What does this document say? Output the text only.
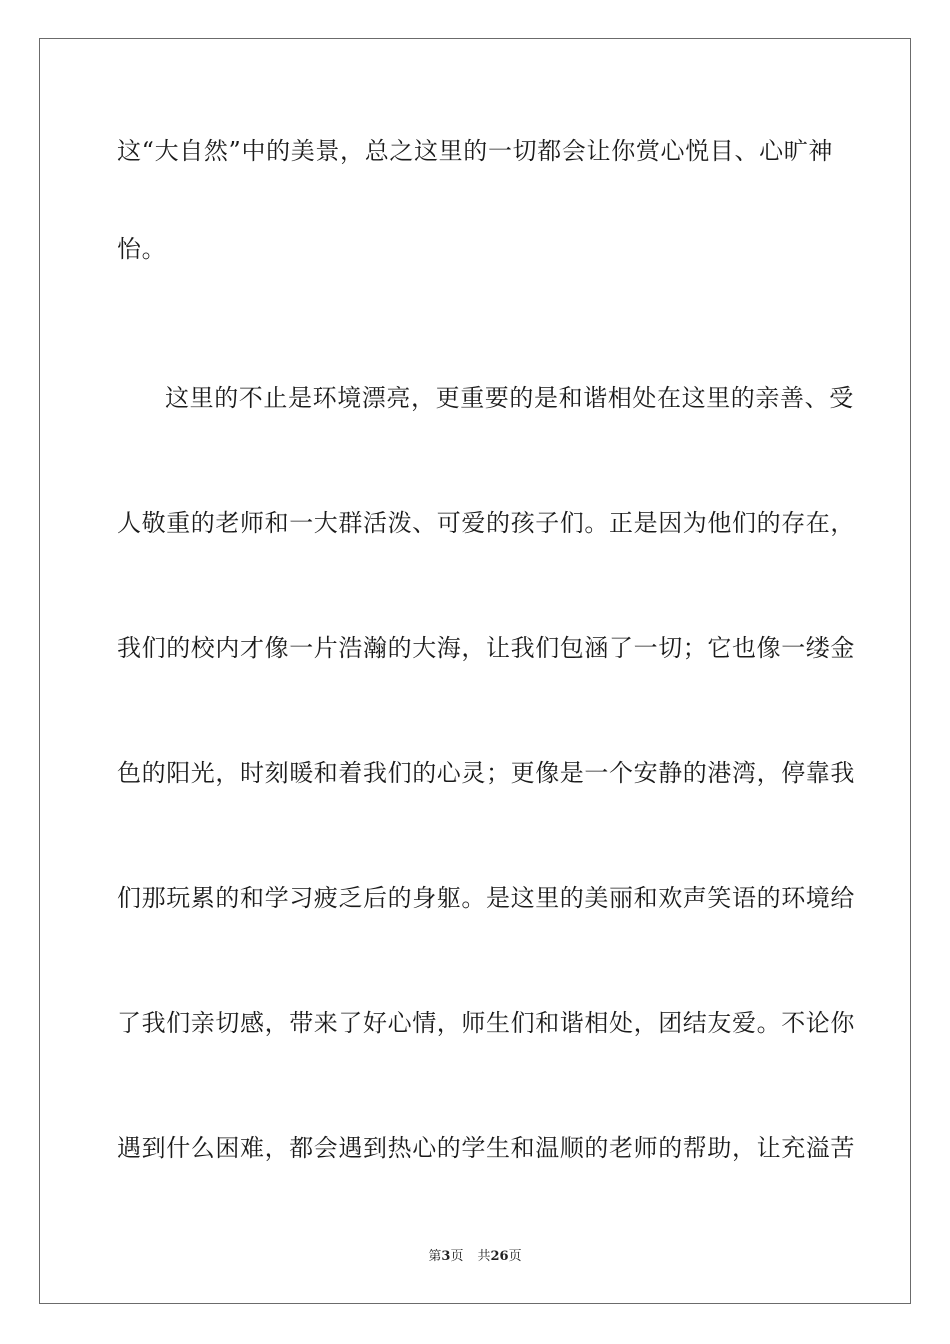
这“大自然”中的美景，总之这里的一切都会让你赏心悦目、心旷神
怡。
这里的不止是环境漂亮，更重要的是和谐相处在这里的亲善、受
人敬重的老师和一大群活泼、可爱的孩子们。正是因为他们的存在，
我们的校内才像一片浩瀚的大海，让我们包涵了一切；它也像一缕金
色的阳光，时刻暖和着我们的心灵；更像是一个安静的港湾，停靠我
们那玩累的和学习疲乏后的身躯。是这里的美丽和欢声笑语的环境给
了我们亲切感，带来了好心情，师生们和谐相处，团结友爱。不论你
遇到什么困难，都会遇到热心的学生和温顺的老师的帮助，让充溢苦
第3页 共26页
